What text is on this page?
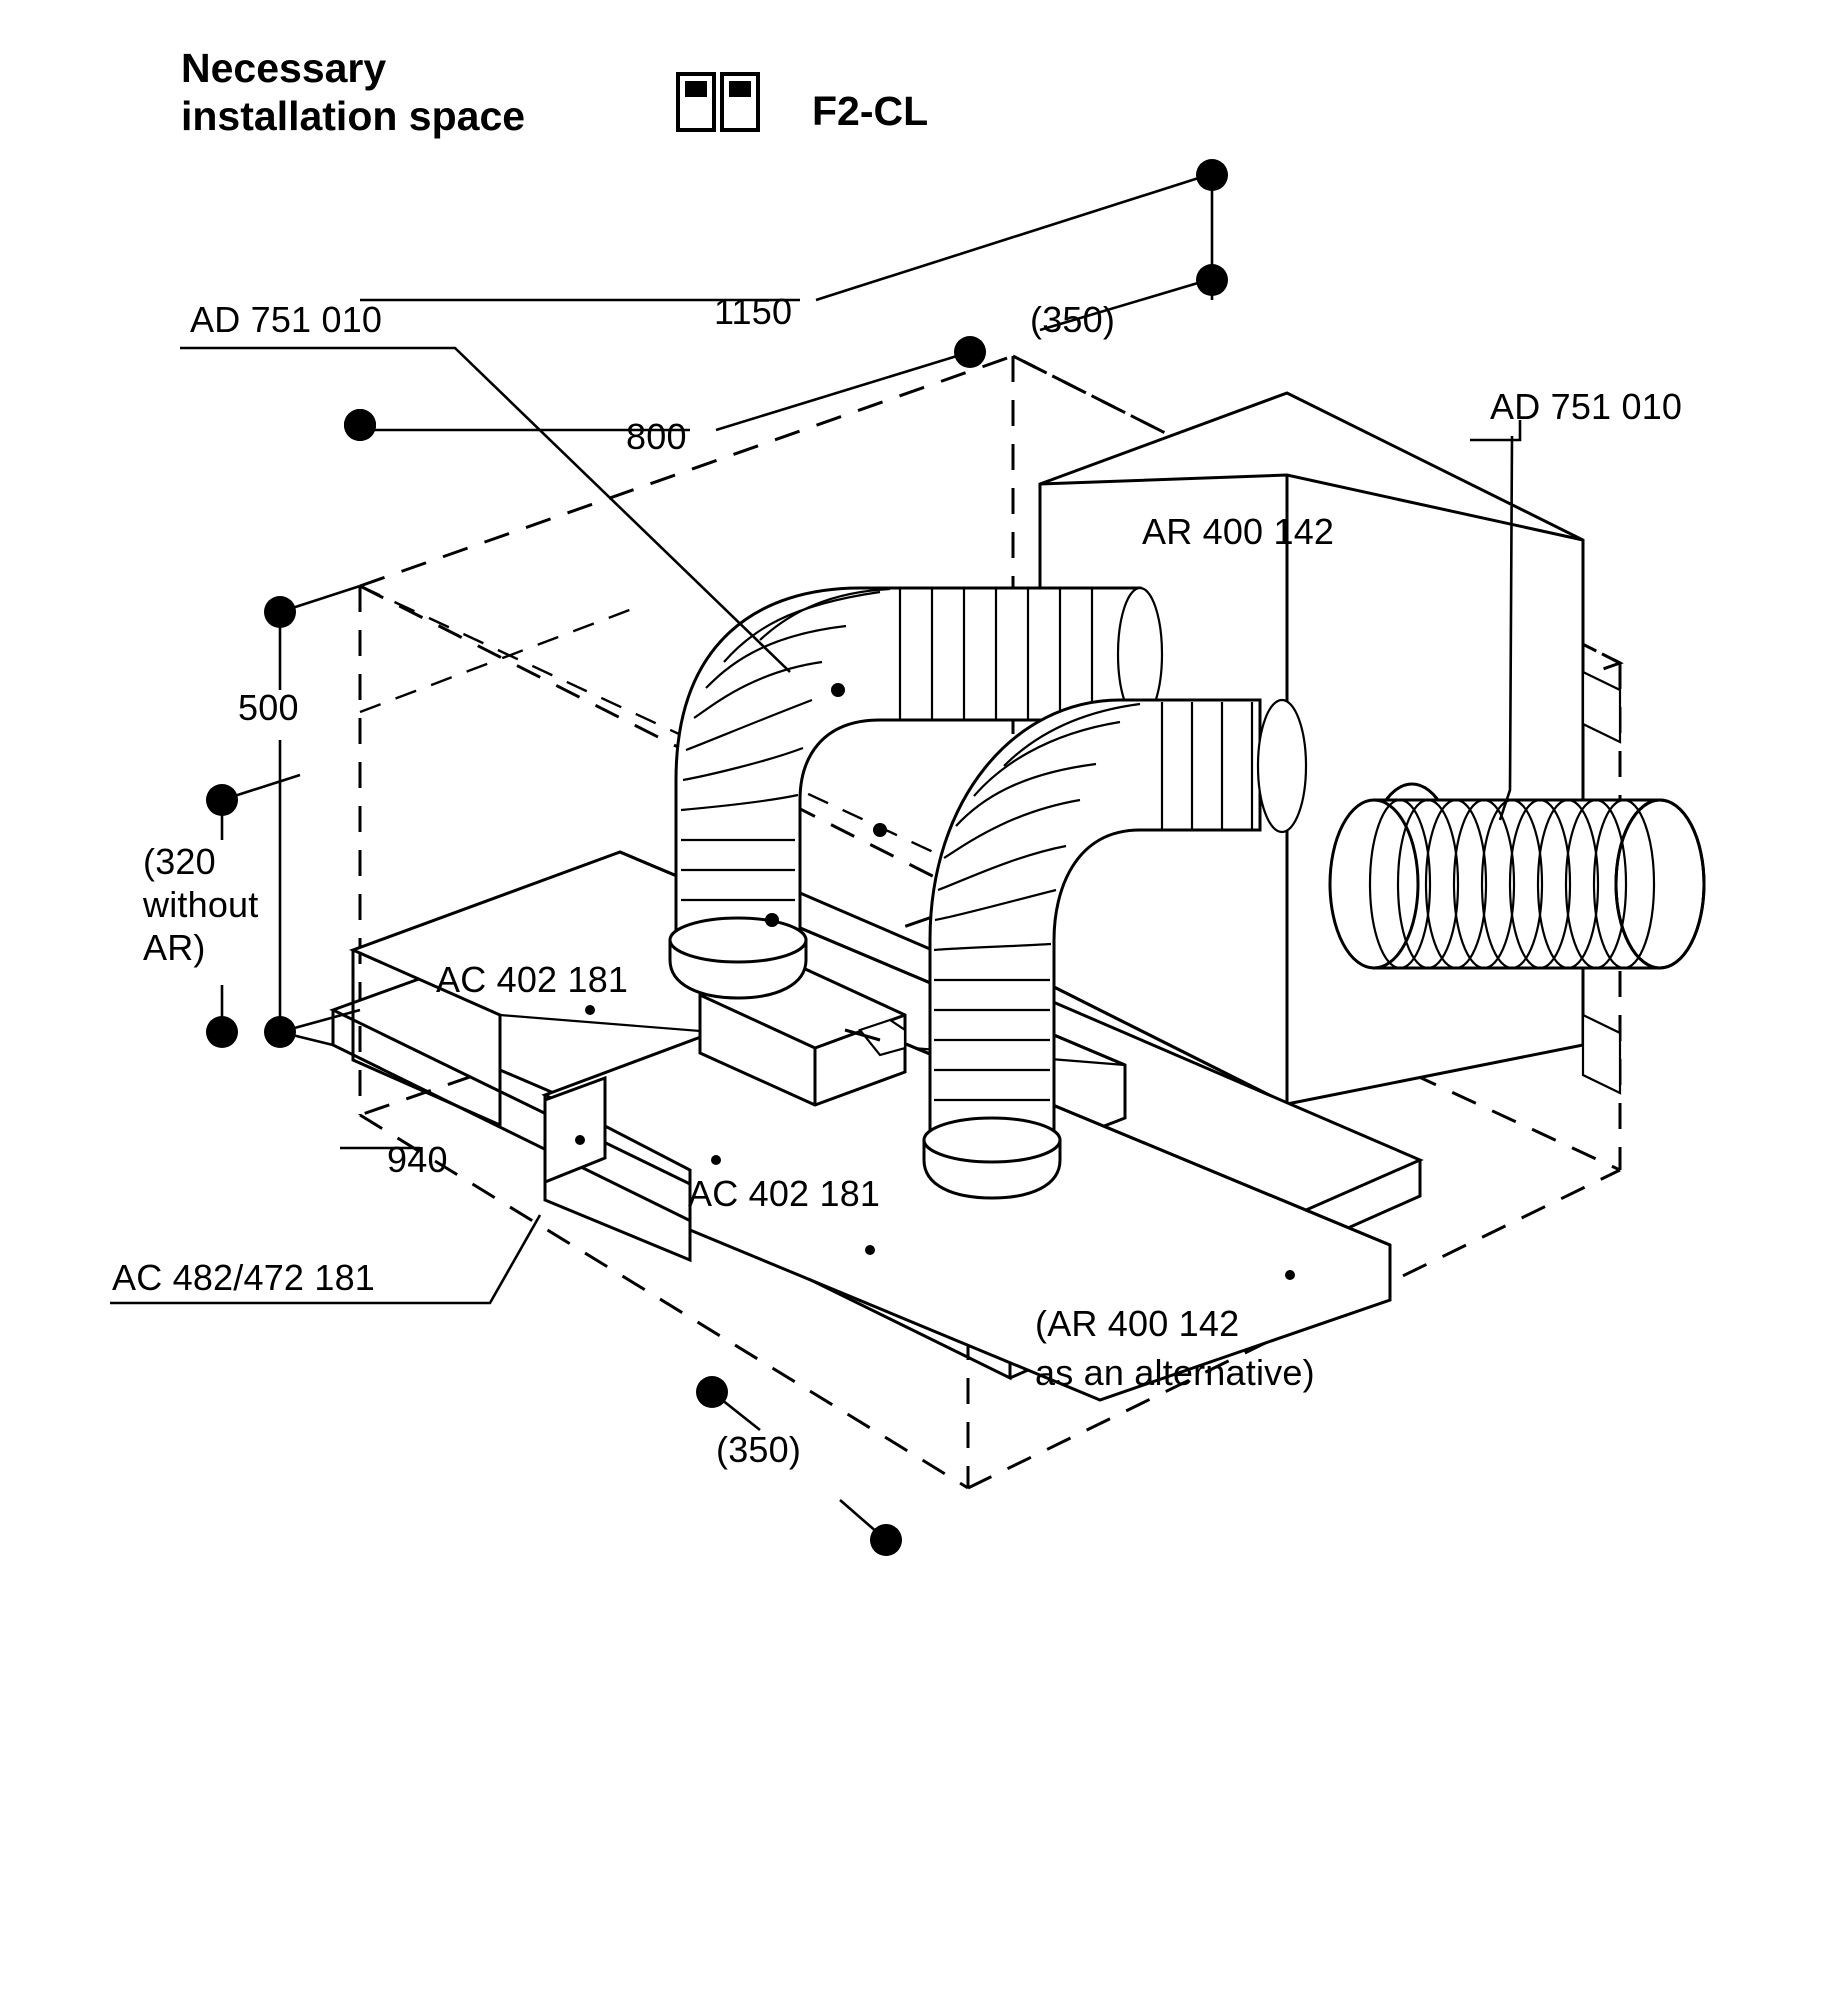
Necessary
installation space	F2-CL
AD 751 010	1150	(350)
AD 751 010
800
AR 400 142
500
(320
without
AR)
AC 402 181
940
AC 402 181
AC 482/472 181
(AR 400 142
as an alternative)
(350)
